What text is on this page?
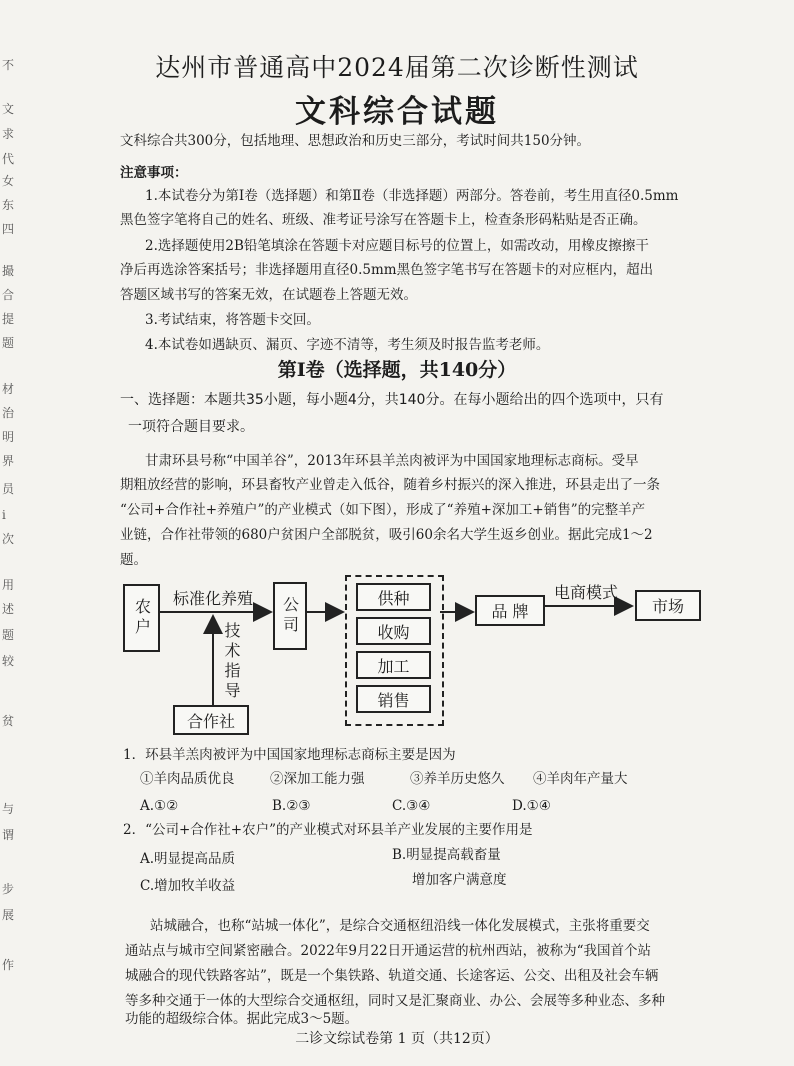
不
文
求
代
女
东
四
撮
合
提
题
材
治
明
界
员
i
次
用
述
题
较
贫
与
谓
步
展
作
达州市普通高中2024届第二次诊断性测试
文科综合试题
文科综合共300分，包括地理、思想政治和历史三部分，考试时间共150分钟。
注意事项：
1.本试卷分为第Ⅰ卷（选择题）和第Ⅱ卷（非选择题）两部分。答卷前，考生用直径0.5mm
黑色签字笔将自己的姓名、班级、准考证号涂写在答题卡上，检查条形码粘贴是否正确。
2.选择题使用2B铅笔填涂在答题卡对应题目标号的位置上，如需改动，用橡皮擦擦干
净后再选涂答案括号；非选择题用直径0.5mm黑色签字笔书写在答题卡的对应框内，超出
答题区域书写的答案无效，在试题卷上答题无效。
3.考试结束，将答题卡交回。
4.本试卷如遇缺页、漏页、字迹不清等，考生须及时报告监考老师。
第Ⅰ卷（选择题，共140分）
一、选择题：本题共35小题，每小题4分，共140分。在每小题给出的四个选项中，只有
一项符合题目要求。
甘肃环县号称“中国羊谷”，2013年环县羊羔肉被评为中国国家地理标志商标。受早
期粗放经营的影响，环县畜牧产业曾走入低谷，随着乡村振兴的深入推进，环县走出了一条
“公司+合作社+养殖户”的产业模式（如下图），形成了“养殖+深加工+销售”的完整羊产
业链，合作社带领的680户贫困户全部脱贫，吸引60余名大学生返乡创业。据此完成1～2
题。
农户 标准化养殖 公司
技术指导
合作社
供种
收购
加工
销售
品 牌
电商模式
市场
1．环县羊羔肉被评为中国国家地理标志商标主要是因为
①羊肉品质优良	②深加工能力强	③养羊历史悠久 ④羊肉年产量大
A.①②	B.②③	C.③④	D.①④
2．“公司+合作社+农户”的产业模式对环县羊产业发展的主要作用是
A.明显提高品质	B.明显提高载畜量
C.增加牧羊收益	增加客户满意度
站城融合，也称“站城一体化”，是综合交通枢纽沿线一体化发展模式，主张将重要交
通站点与城市空间紧密融合。2022年9月22日开通运营的杭州西站，被称为“我国首个站
城融合的现代铁路客站”，既是一个集铁路、轨道交通、长途客运、公交、出租及社会车辆
等多种交通于一体的大型综合交通枢纽，同时又是汇聚商业、办公、会展等多种业态、多种
功能的超级综合体。据此完成3～5题。
二诊文综试卷第 1 页（共12页）
